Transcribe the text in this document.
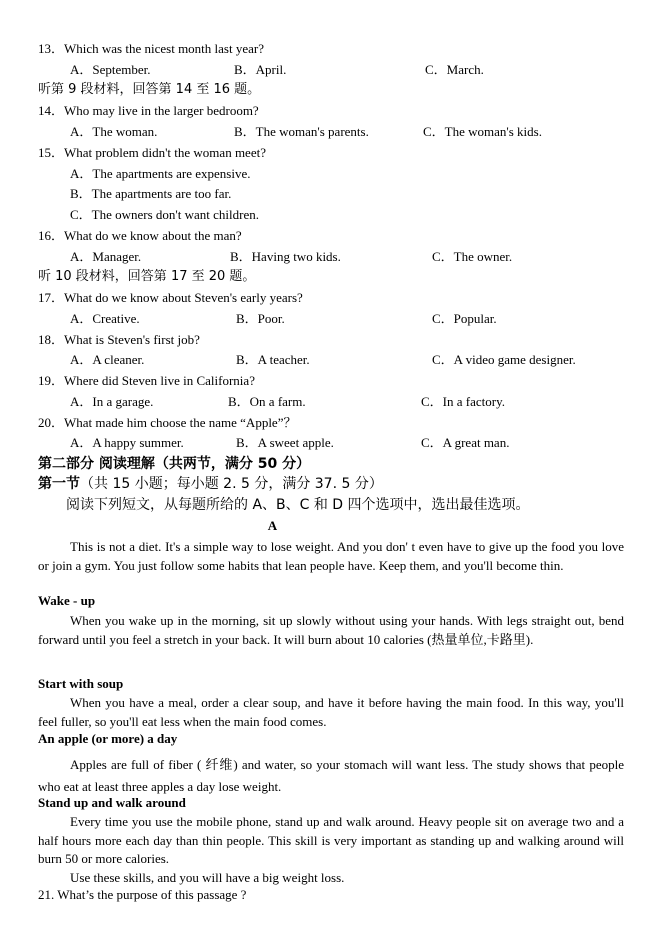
13．Which was the nicest month last year?
A．September.	B．April.	C．March.
听第 9 段材料，回答第 14 至 16 题。
14．Who may live in the larger bedroom?
A．The woman.	B．The woman's parents.	C．The woman's kids.
15．What problem didn't the woman meet?
A．The apartments are expensive.
B．The apartments are too far.
C．The owners don't want children.
16．What do we know about the man?
A．Manager.	B．Having two kids.	C．The owner.
听 10 段材料，回答第 17 至 20 题。
17．What do we know about Steven's early years?
A．Creative.	B．Poor.	C．Popular.
18．What is Steven's first job?
A．A cleaner.	B．A teacher.	C．A video game designer.
19．Where did Steven live in California?
A．In a garage.	B．On a farm.	C．In a factory.
20．What made him choose the name “Apple”？
A．A happy summer.	B．A sweet apple.	C．A great man.
第二部分 阅读理解（共两节，满分 50 分）
第一节（共 15 小题；每小题 2. 5 分，满分 37. 5 分）
阅读下列短文，从每题所给的 A、B、C 和 D 四个选项中，选出最佳选项。
A
This is not a diet. It's a simple way to lose weight. And you don' t even have to give up the food you love or join a gym. You just follow some habits that lean people have. Keep them, and you'll become thin.
Wake - up
When you wake up in the morning, sit up slowly without using your hands. With legs straight out, bend forward until you feel a stretch in your back. It will burn about 10 calories (热量单位,卡路里).
Start with soup
When you have a meal, order a clear soup, and have it before having the main food. In this way, you'll feel fuller, so you'll eat less when the main food comes.
An apple (or more) a day
Apples are full of fiber ( 纤维) and water, so your stomach will want less. The study shows that people who eat at least three apples a day lose weight.
Stand up and walk around
Every time you use the mobile phone, stand up and walk around. Heavy people sit on average two and a half hours more each day than thin people. This skill is very important as standing up and walking around will burn 50 or more calories.
Use these skills, and you will have a big weight loss.
21. What’s the purpose of this passage ?
